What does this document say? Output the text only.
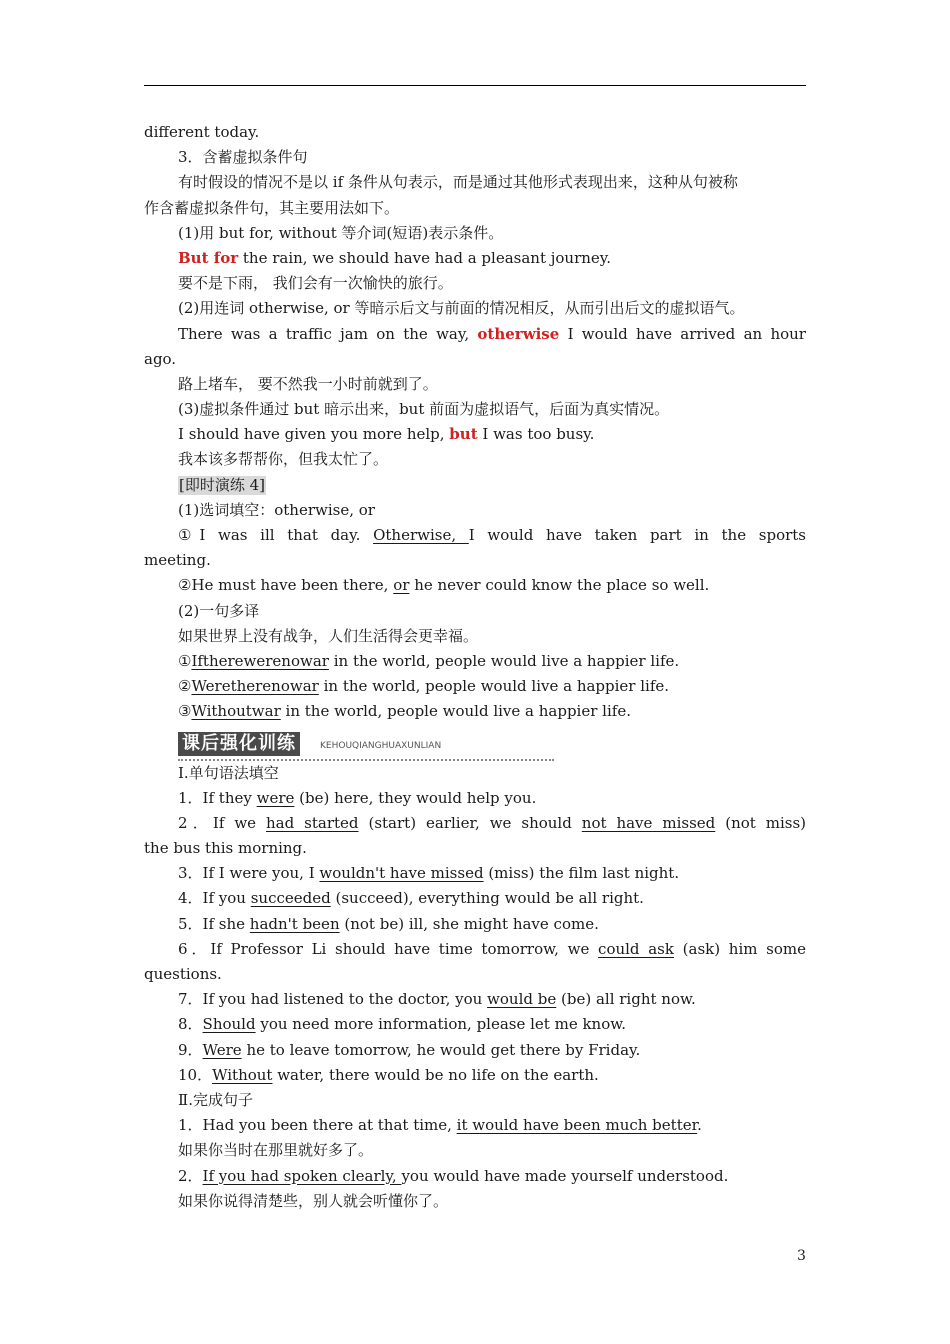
different today.
3．含蓄虚拟条件句
有时假设的情况不是以 if 条件从句表示，而是通过其他形式表现出来，这种从句被称
作含蓄虚拟条件句，其主要用法如下。
(1)用 but for, without 等介词(短语)表示条件。
But for the rain, we should have had a pleasant journey.
要不是下雨， 我们会有一次愉快的旅行。
(2)用连词 otherwise, or 等暗示后文与前面的情况相反，从而引出后文的虚拟语气。
There was a traffic jam on the way, otherwise I would have arrived an hour
ago.
路上堵车， 要不然我一小时前就到了。
(3)虚拟条件通过 but 暗示出来，but 前面为虚拟语气，后面为真实情况。
I should have given you more help, but I was too busy.
我本该多帮帮你，但我太忙了。
[即时演练 4]
(1)选词填空：otherwise, or
①I was ill that day. Otherwise, I would have taken part in the sports
meeting.
②He must have been there, or he never could know the place so well.
(2)一句多译
如果世界上没有战争，人们生活得会更幸福。
①Iftherewerenowar in the world, people would live a happier life.
②Weretherenowar in the world, people would live a happier life.
③Withoutwar in the world, people would live a happier life.
课后强化训练	KEHOUQIANGHUAXUNLIAN
Ⅰ.单句语法填空
1．If they were (be) here, they would help you.
2．If we had started (start) earlier, we should not have missed (not miss)
the bus this morning.
3．If I were you, I wouldn't have missed (miss) the film last night.
4．If you succeeded (succeed), everything would be all right.
5．If she hadn't been (not be) ill, she might have come.
6．If Professor Li should have time tomorrow, we could ask (ask) him some
questions.
7．If you had listened to the doctor, you would be (be) all right now.
8．Should you need more information, please let me know.
9．Were he to leave tomorrow, he would get there by Friday.
10．Without water, there would be no life on the earth.
Ⅱ.完成句子
1．Had you been there at that time, it would have been much better.
如果你当时在那里就好多了。
2．If you had spoken clearly, you would have made yourself understood.
如果你说得清楚些，别人就会听懂你了。
3
